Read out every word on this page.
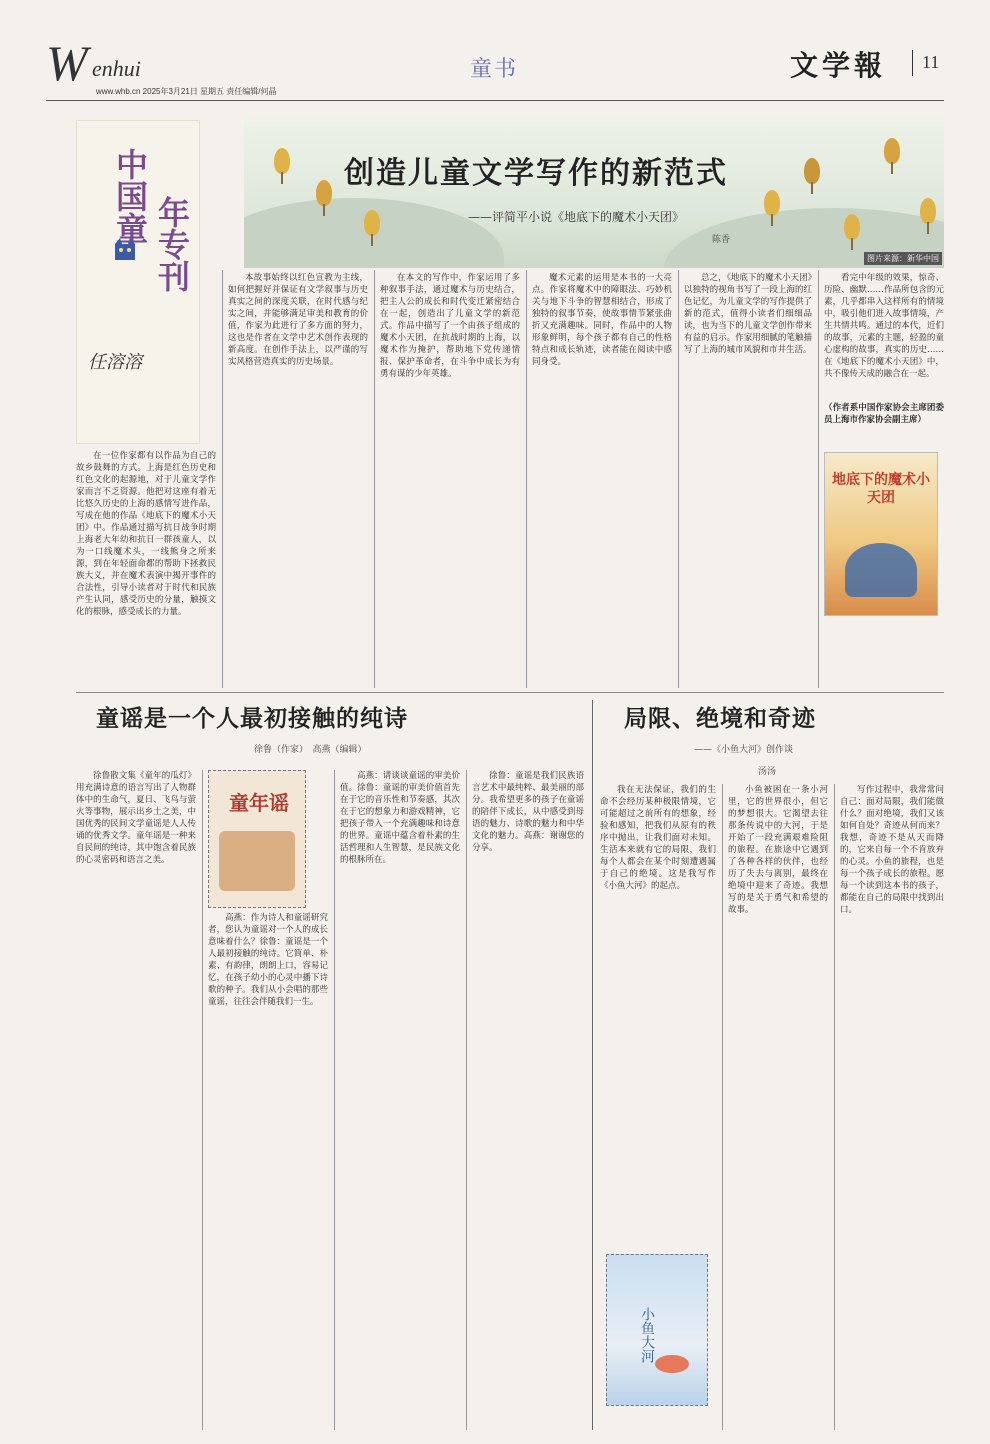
W enhui
www.whb.cn 2025年3月21日 星期五 责任编辑/何晶
童书	文学報 11
中国童 年专刊
任溶溶
创造儿童文学写作的新范式
——评简平小说《地底下的魔术小天团》
陈香
图片来源：新华中国

在一位作家都有以作品为自己的故乡鼓舞的方式。上海是红色历史和红色文化的起源地，对于儿童文学作家而言不乏资源。他把对这座有着无比悠久历史的上海的感情写进作品，写成在他的作品《地底下的魔术小天团》中。作品通过描写抗日战争时期上海老大年幼和抗日一群孩童人，以为一口线魔术头，一线熊身之所来源，到在年轻面命都的帮助下拯救民族大义，并在魔术表演中揭开事件的合法性，引导小读者对于时代和民族产生认同，感受历史的分量，触摸文化的根脉，感受成长的力量。

本故事始终以红色宣教为主线，如何把握好并保证有文学叙事与历史真实之间的深度关联，在时代感与纪实之间，并能够满足审美和教育的价值，作家为此进行了多方面的努力，这也是作者在文学中艺术创作表现的新高度。在创作手法上，以严谨的写实风格营造真实的历史场景。

在本文的写作中，作家运用了多种叙事手法，通过魔术与历史结合，把主人公的成长和时代变迁紧密结合在一起，创造出了儿童文学的新范式。作品中描写了一个由孩子组成的魔术小天团，在抗战时期的上海，以魔术作为掩护，帮助地下党传递情报、保护革命者，在斗争中成长为有勇有谋的少年英雄。

魔术元素的运用是本书的一大亮点。作家将魔术中的障眼法、巧妙机关与地下斗争的智慧相结合，形成了独特的叙事节奏，使故事情节紧张曲折又充满趣味。同时，作品中的人物形象鲜明，每个孩子都有自己的性格特点和成长轨迹，读者能在阅读中感同身受。

总之，《地底下的魔术小天团》以独特的视角书写了一段上海的红色记忆，为儿童文学的写作提供了新的范式，值得小读者们细细品读，也为当下的儿童文学创作带来有益的启示。作家用细腻的笔触描写了上海的城市风貌和市井生活。

看完中年级的效果，惊奇、历险、幽默……作品所包含的元素，几乎都串入这样所有的情境中，吸引他们进入故事情境，产生共情共鸣。通过的本代，近们的故事，元素的主题，轻盈的童心虚构的故事，真实的历史……在《地底下的魔术小天团》中，共不像传天成的融合在一起。

（作者系中国作家协会主席团委员上海市作家协会副主席）

地底下的魔术小天团
童谣是一个人最初接触的纯诗
徐鲁（作家）　高燕（编辑）

徐鲁散文集《童年的瓜灯》用充满诗意的语言写出了人物群体中的生命气，夏日、飞鸟与萤火等事物，展示出乡土之美，中国优秀的民间文学童谣是人人传诵的优秀文学。童年谣是一种来自民间的纯诗，其中饱含着民族的心灵密码和语言之美。

童年谣

高燕：作为诗人和童谣研究者，您认为童谣对一个人的成长意味着什么？徐鲁：童谣是一个人最初接触的纯诗。它简单、朴素、有韵律，朗朗上口，容易记忆，在孩子幼小的心灵中播下诗歌的种子。我们从小会唱的那些童谣，往往会伴随我们一生。

高燕：请谈谈童谣的审美价值。徐鲁：童谣的审美价值首先在于它的音乐性和节奏感，其次在于它的想象力和游戏精神，它把孩子带入一个充满趣味和诗意的世界。童谣中蕴含着朴素的生活哲理和人生智慧，是民族文化的根脉所在。

徐鲁：童谣是我们民族语言艺术中最纯粹、最美丽的部分。我希望更多的孩子在童谣的陪伴下成长，从中感受到母语的魅力、诗歌的魅力和中华文化的魅力。高燕：谢谢您的分享。

局限、绝境和奇迹
——《小鱼大河》创作谈
汤汤

我在无法保证，我们的生命不会经历某种极限情境，它可能超过之前所有的想象，经验和感知，把我们从原有的秩序中抛出，让我们面对未知。生活本来就有它的局限，我们每个人都会在某个时刻遭遇属于自己的绝境。这是我写作《小鱼大河》的起点。

小鱼被困在一条小河里，它的世界很小，但它的梦想很大。它渴望去往那条传说中的大河，于是开始了一段充满艰难险阻的旅程。在旅途中它遇到了各种各样的伙伴，也经历了失去与离别，最终在绝境中迎来了奇迹。我想写的是关于勇气和希望的故事。

写作过程中，我常常问自己：面对局限，我们能做什么？面对绝境，我们又该如何自处？奇迹从何而来？我想，奇迹不是从天而降的，它来自每一个不肯放弃的心灵。小鱼的旅程，也是每一个孩子成长的旅程。愿每一个读到这本书的孩子，都能在自己的局限中找到出口。

小鱼大河
